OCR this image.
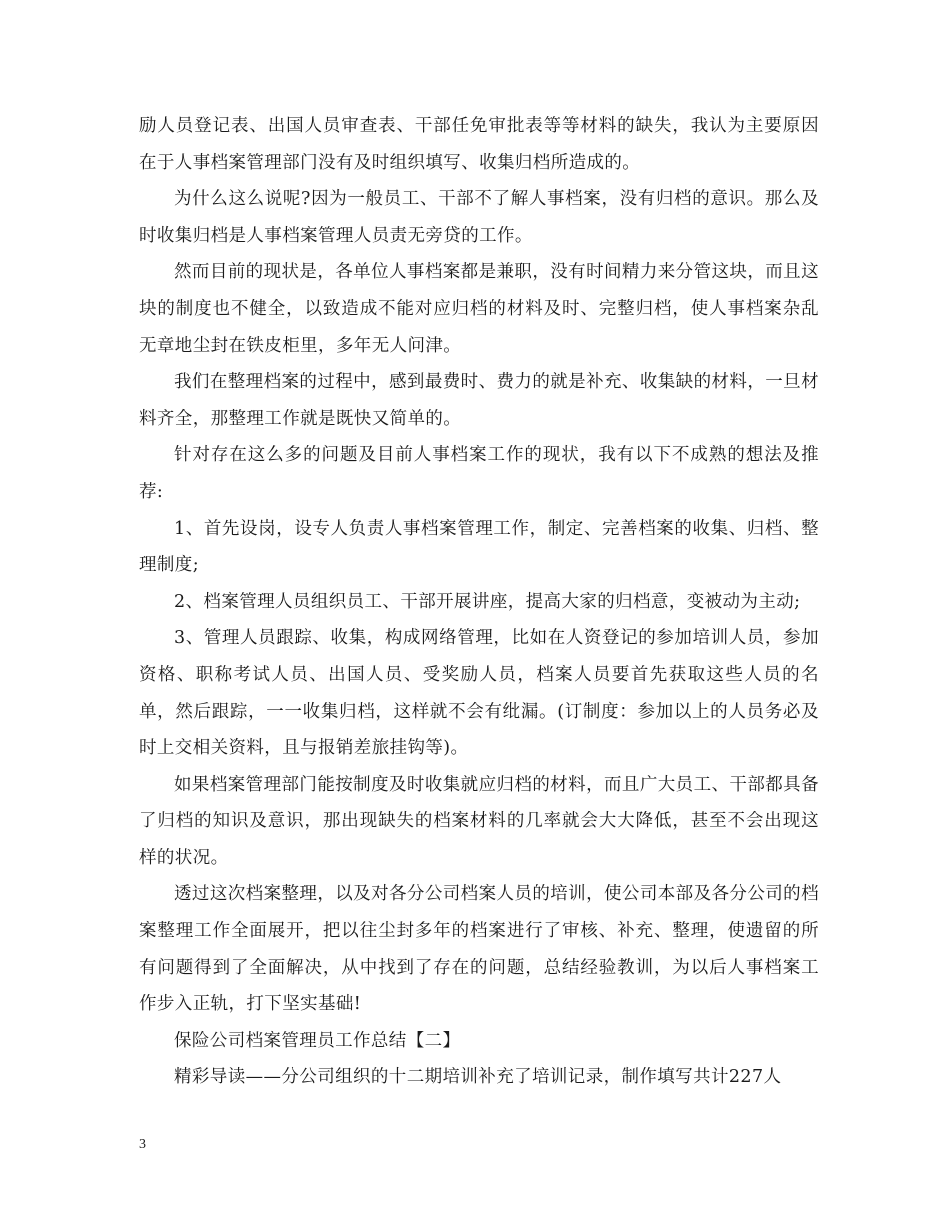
励人员登记表、出国人员审查表、干部任免审批表等等材料的缺失，我认为主要原因在于人事档案管理部门没有及时组织填写、收集归档所造成的。

为什么这么说呢?因为一般员工、干部不了解人事档案，没有归档的意识。那么及时收集归档是人事档案管理人员责无旁贷的工作。

然而目前的现状是，各单位人事档案都是兼职，没有时间精力来分管这块，而且这块的制度也不健全，以致造成不能对应归档的材料及时、完整归档，使人事档案杂乱无章地尘封在铁皮柜里，多年无人问津。

我们在整理档案的过程中，感到最费时、费力的就是补充、收集缺的材料，一旦材料齐全，那整理工作就是既快又简单的。

针对存在这么多的问题及目前人事档案工作的现状，我有以下不成熟的想法及推荐:

1、首先设岗，设专人负责人事档案管理工作，制定、完善档案的收集、归档、整理制度;

2、档案管理人员组织员工、干部开展讲座，提高大家的归档意，变被动为主动;

3、管理人员跟踪、收集，构成网络管理，比如在人资登记的参加培训人员，参加资格、职称考试人员、出国人员、受奖励人员，档案人员要首先获取这些人员的名单，然后跟踪，一一收集归档，这样就不会有纰漏。(订制度：参加以上的人员务必及时上交相关资料，且与报销差旅挂钩等)。

如果档案管理部门能按制度及时收集就应归档的材料，而且广大员工、干部都具备了归档的知识及意识，那出现缺失的档案材料的几率就会大大降低，甚至不会出现这样的状况。

透过这次档案整理，以及对各分公司档案人员的培训，使公司本部及各分公司的档案整理工作全面展开，把以往尘封多年的档案进行了审核、补充、整理，使遗留的所有问题得到了全面解决，从中找到了存在的问题，总结经验教训，为以后人事档案工作步入正轨，打下坚实基础!

保险公司档案管理员工作总结【二】

精彩导读——分公司组织的十二期培训补充了培训记录，制作填写共计227人

3
